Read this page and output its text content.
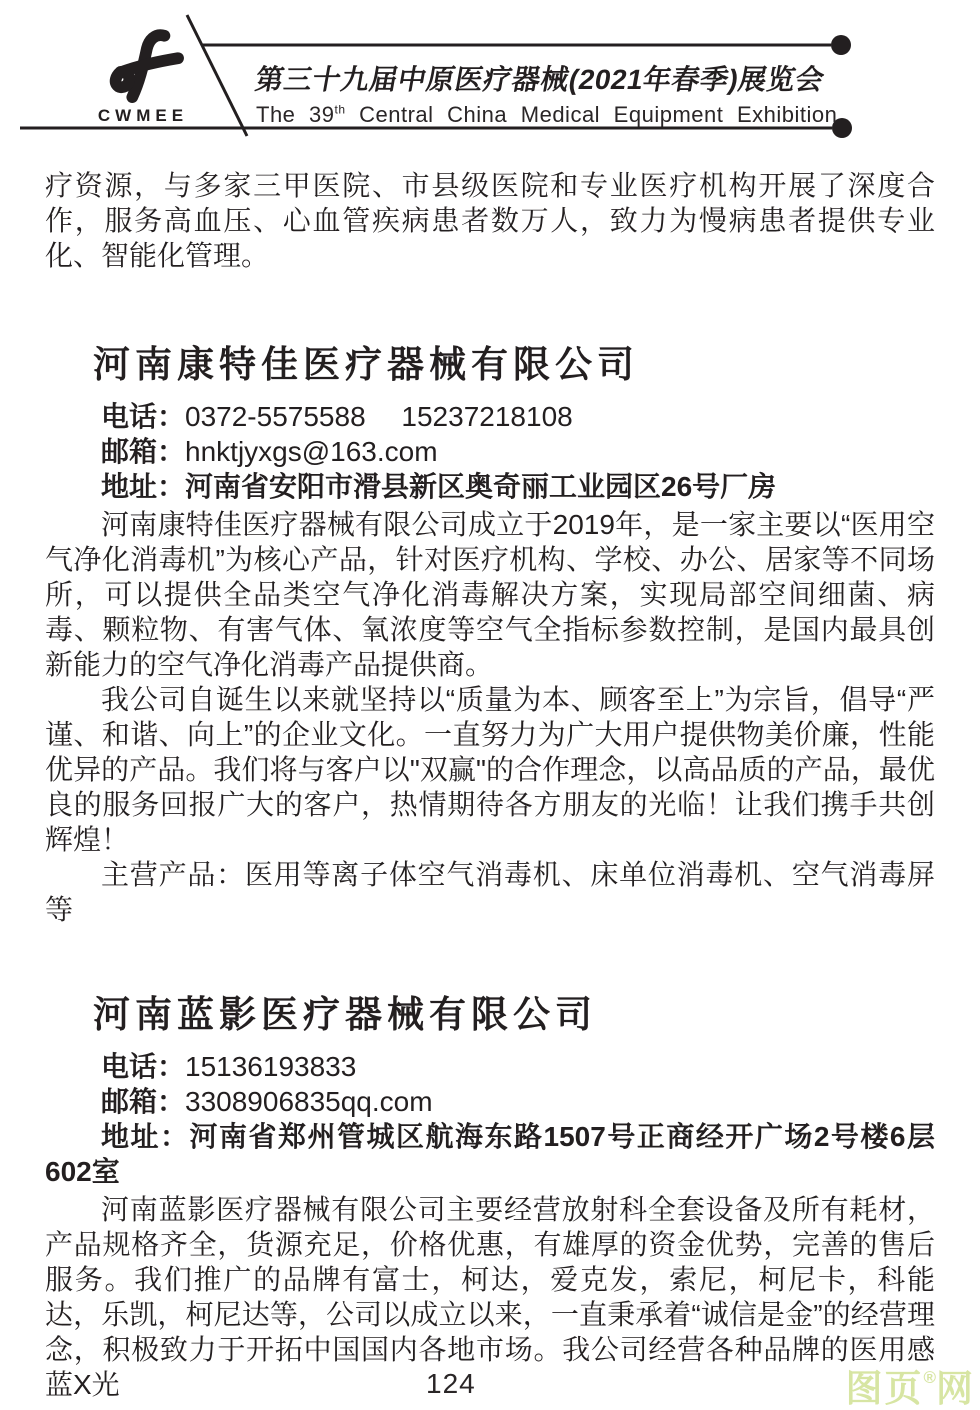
CWMEE
第三十九届中原医疗器械(2021年春季)展览会
The 39th Central China Medical Equipment Exhibition

疗资源，与多家三甲医院、市县级医院和专业医疗机构开展了深度合作，服务高血压、心血管疾病患者数万人，致力为慢病患者提供专业化、智能化管理。

河南康特佳医疗器械有限公司

电话：0372-5575588　 15237218108

邮箱：hnktjyxgs@163.com

地址：河南省安阳市滑县新区奥奇丽工业园区26号厂房

河南康特佳医疗器械有限公司成立于2019年，是一家主要以“医用空气净化消毒机”为核心产品，针对医疗机构、学校、办公、居家等不同场所，可以提供全品类空气净化消毒解决方案，实现局部空间细菌、病毒、颗粒物、有害气体、氧浓度等空气全指标参数控制，是国内最具创新能力的空气净化消毒产品提供商。

我公司自诞生以来就坚持以“质量为本、顾客至上”为宗旨，倡导“严谨、和谐、向上”的企业文化。一直努力为广大用户提供物美价廉，性能优异的产品。我们将与客户以"双赢"的合作理念，以高品质的产品，最优良的服务回报广大的客户，热情期待各方朋友的光临！让我们携手共创辉煌！

主营产品：医用等离子体空气消毒机、床单位消毒机、空气消毒屏等

河南蓝影医疗器械有限公司

电话：15136193833

邮箱：3308906835qq.com

地址：河南省郑州管城区航海东路1507号正商经开广场2号楼6层602室

河南蓝影医疗器械有限公司主要经营放射科全套设备及所有耗材，产品规格齐全，货源充足，价格优惠，有雄厚的资金优势，完善的售后服务。我们推广的品牌有富士，柯达，爱克发，索尼，柯尼卡，科能达，乐凯，柯尼达等，公司以成立以来，一直秉承着“诚信是金”的经营理念，积极致力于开拓中国国内各地市场。我公司经营各种品牌的医用感蓝X光	124	图页®网
